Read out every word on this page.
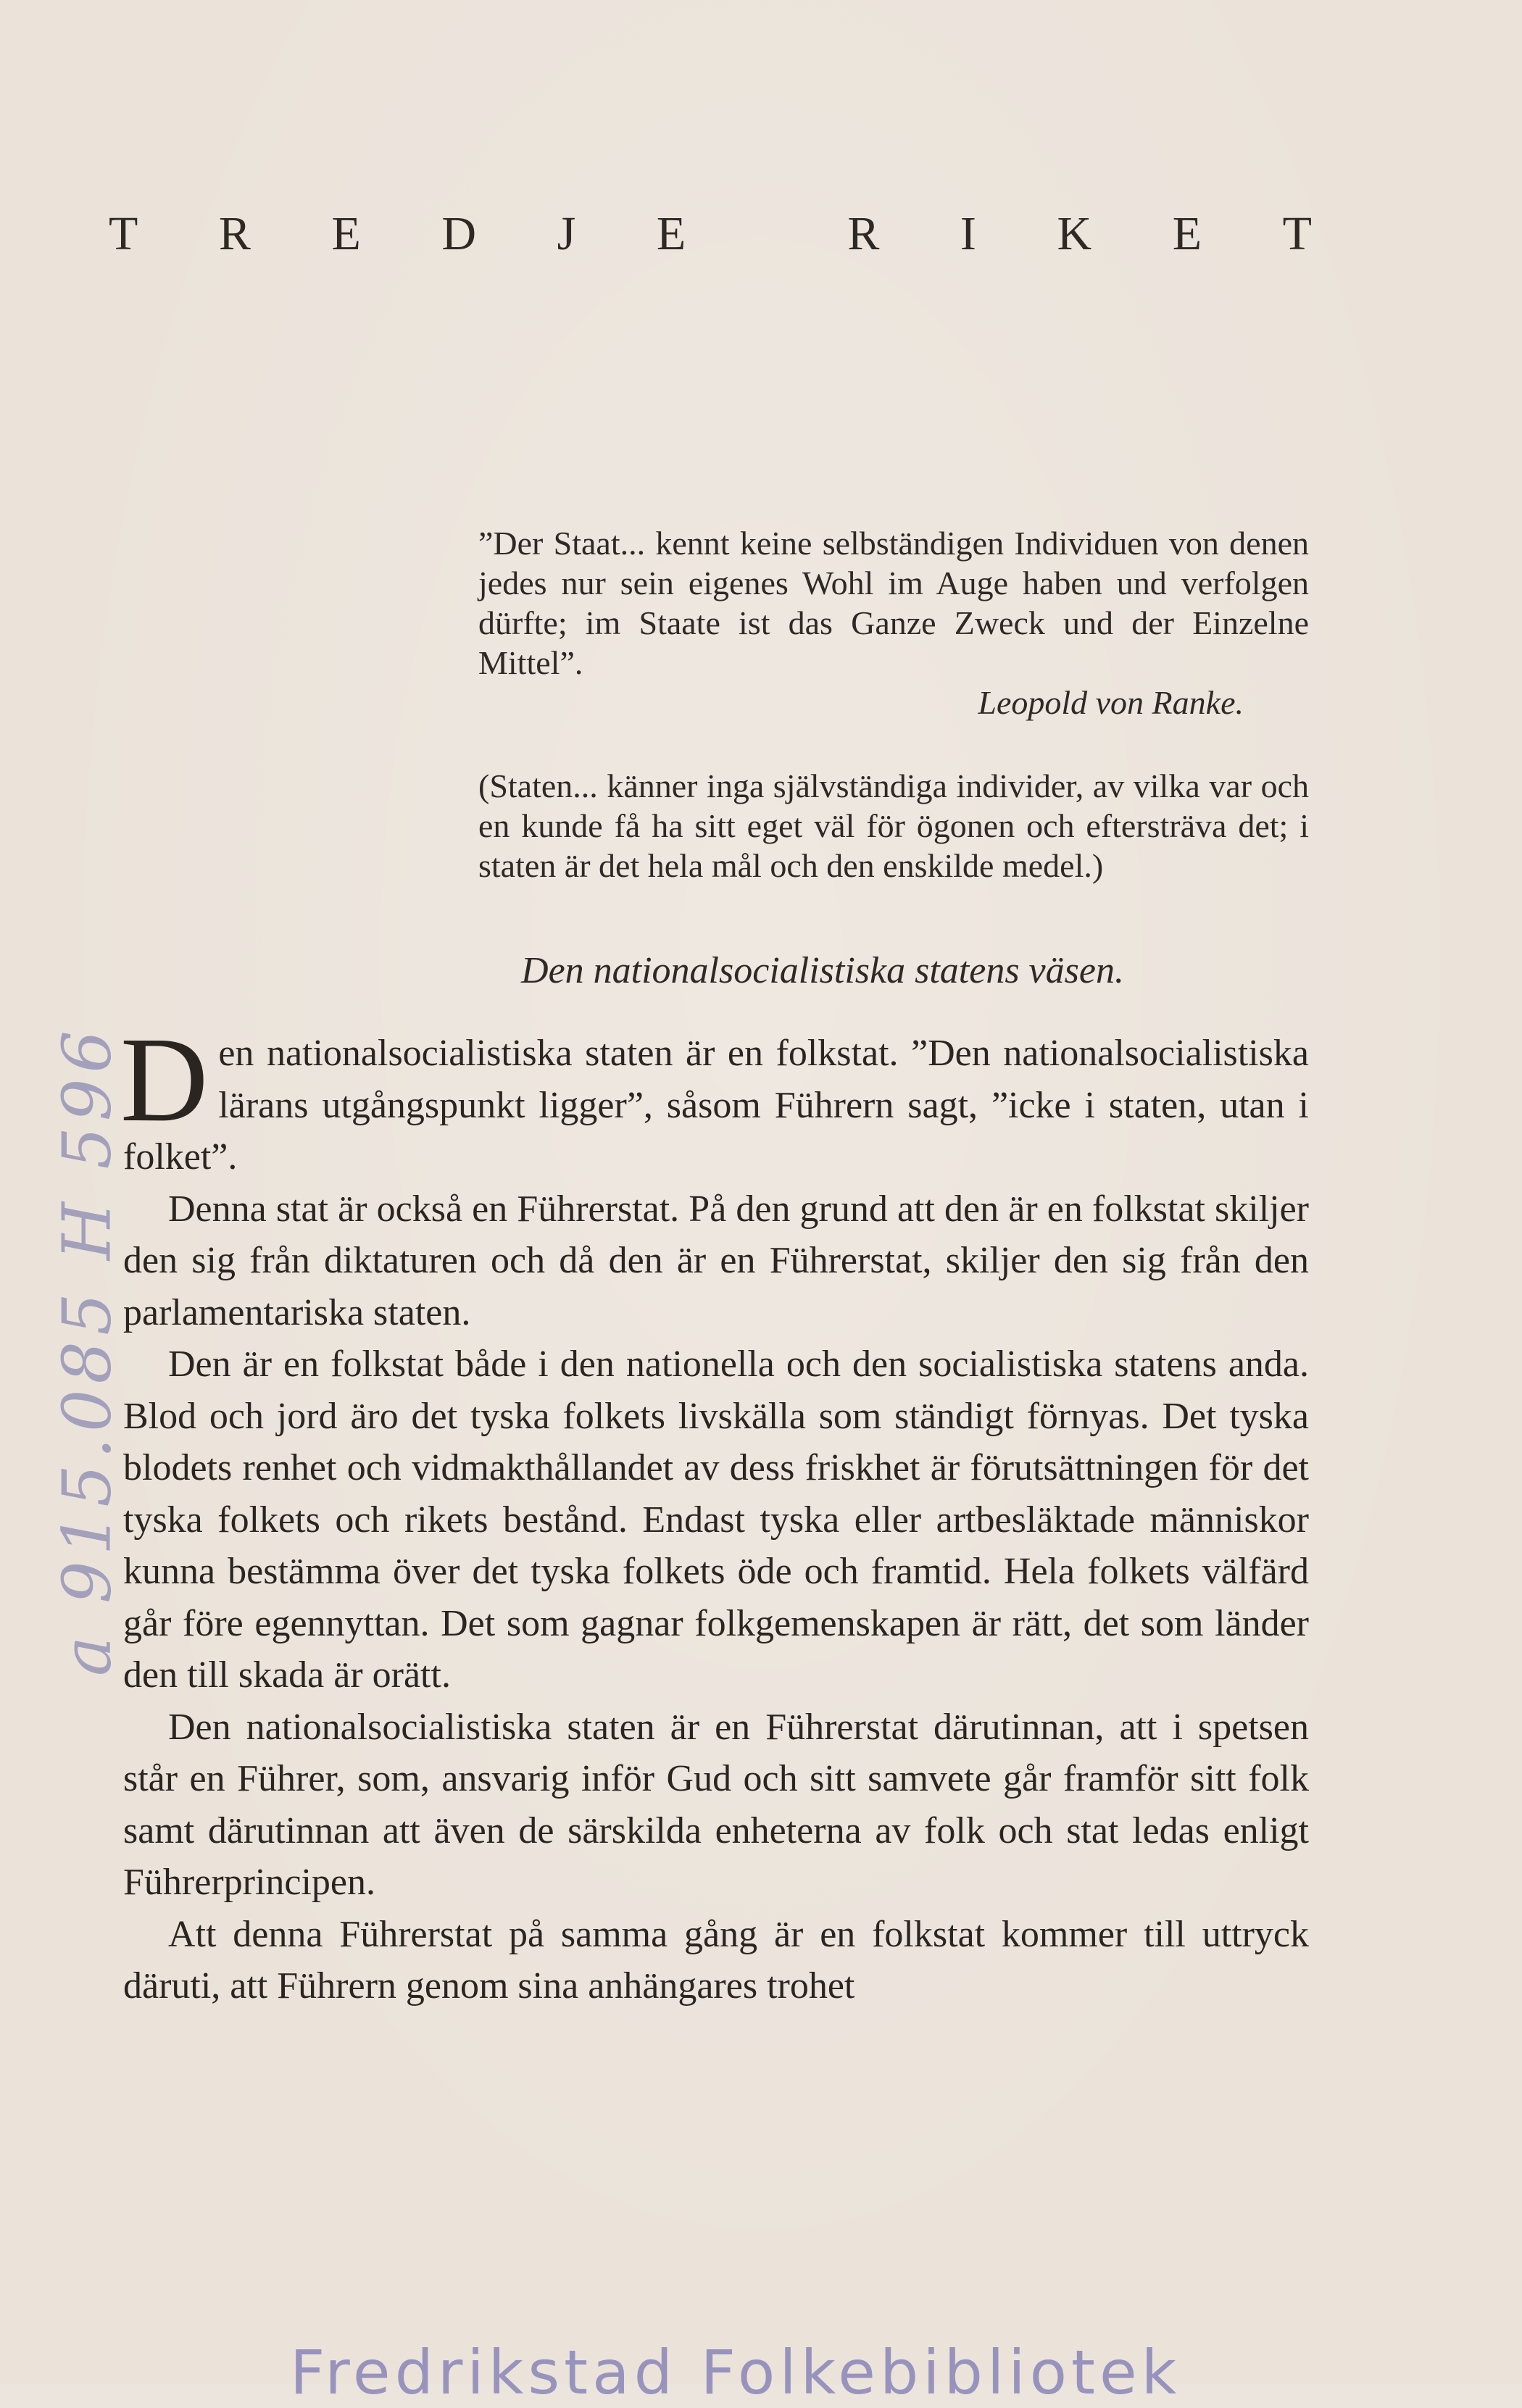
T R E D J E	R I K E T

”Der Staat... kennt keine selbständigen Individuen von denen jedes nur sein eigenes Wohl im Auge haben und verfolgen dürfte; im Staate ist das Ganze Zweck und der Einzelne Mittel”.

Leopold von Ranke.

(Staten... känner inga självständiga individer, av vilka var och en kunde få ha sitt eget väl för ögonen och eftersträva det; i staten är det hela mål och den enskilde medel.)

Den nationalsocialistiska statens väsen.

Den nationalsocialistiska staten är en folkstat. ”Den nationalsocialistiska lärans utgångspunkt ligger”, såsom Führern sagt, ”icke i staten, utan i folket”.

Denna stat är också en Führerstat. På den grund att den är en folkstat skiljer den sig från diktaturen och då den är en Führerstat, skiljer den sig från den parlamentariska staten.

Den är en folkstat både i den nationella och den socialistiska statens anda. Blod och jord äro det tyska folkets livskälla som ständigt förnyas. Det tyska blodets renhet och vidmakthållandet av dess friskhet är förutsättningen för det tyska folkets och rikets bestånd. Endast tyska eller artbesläktade människor kunna bestämma över det tyska folkets öde och framtid. Hela folkets välfärd går före egennyttan. Det som gagnar folkgemenskapen är rätt, det som länder den till skada är orätt.

Den nationalsocialistiska staten är en Führerstat därutinnan, att i spetsen står en Führer, som, ansvarig inför Gud och sitt samvete går framför sitt folk samt därutinnan att även de särskilda enheterna av folk och stat ledas enligt Führerprincipen.

Att denna Führerstat på samma gång är en folkstat kommer till uttryck däruti, att Führern genom sina anhängares trohet

a 915.085 H 596
Fredrikstad Folkebibliotek
